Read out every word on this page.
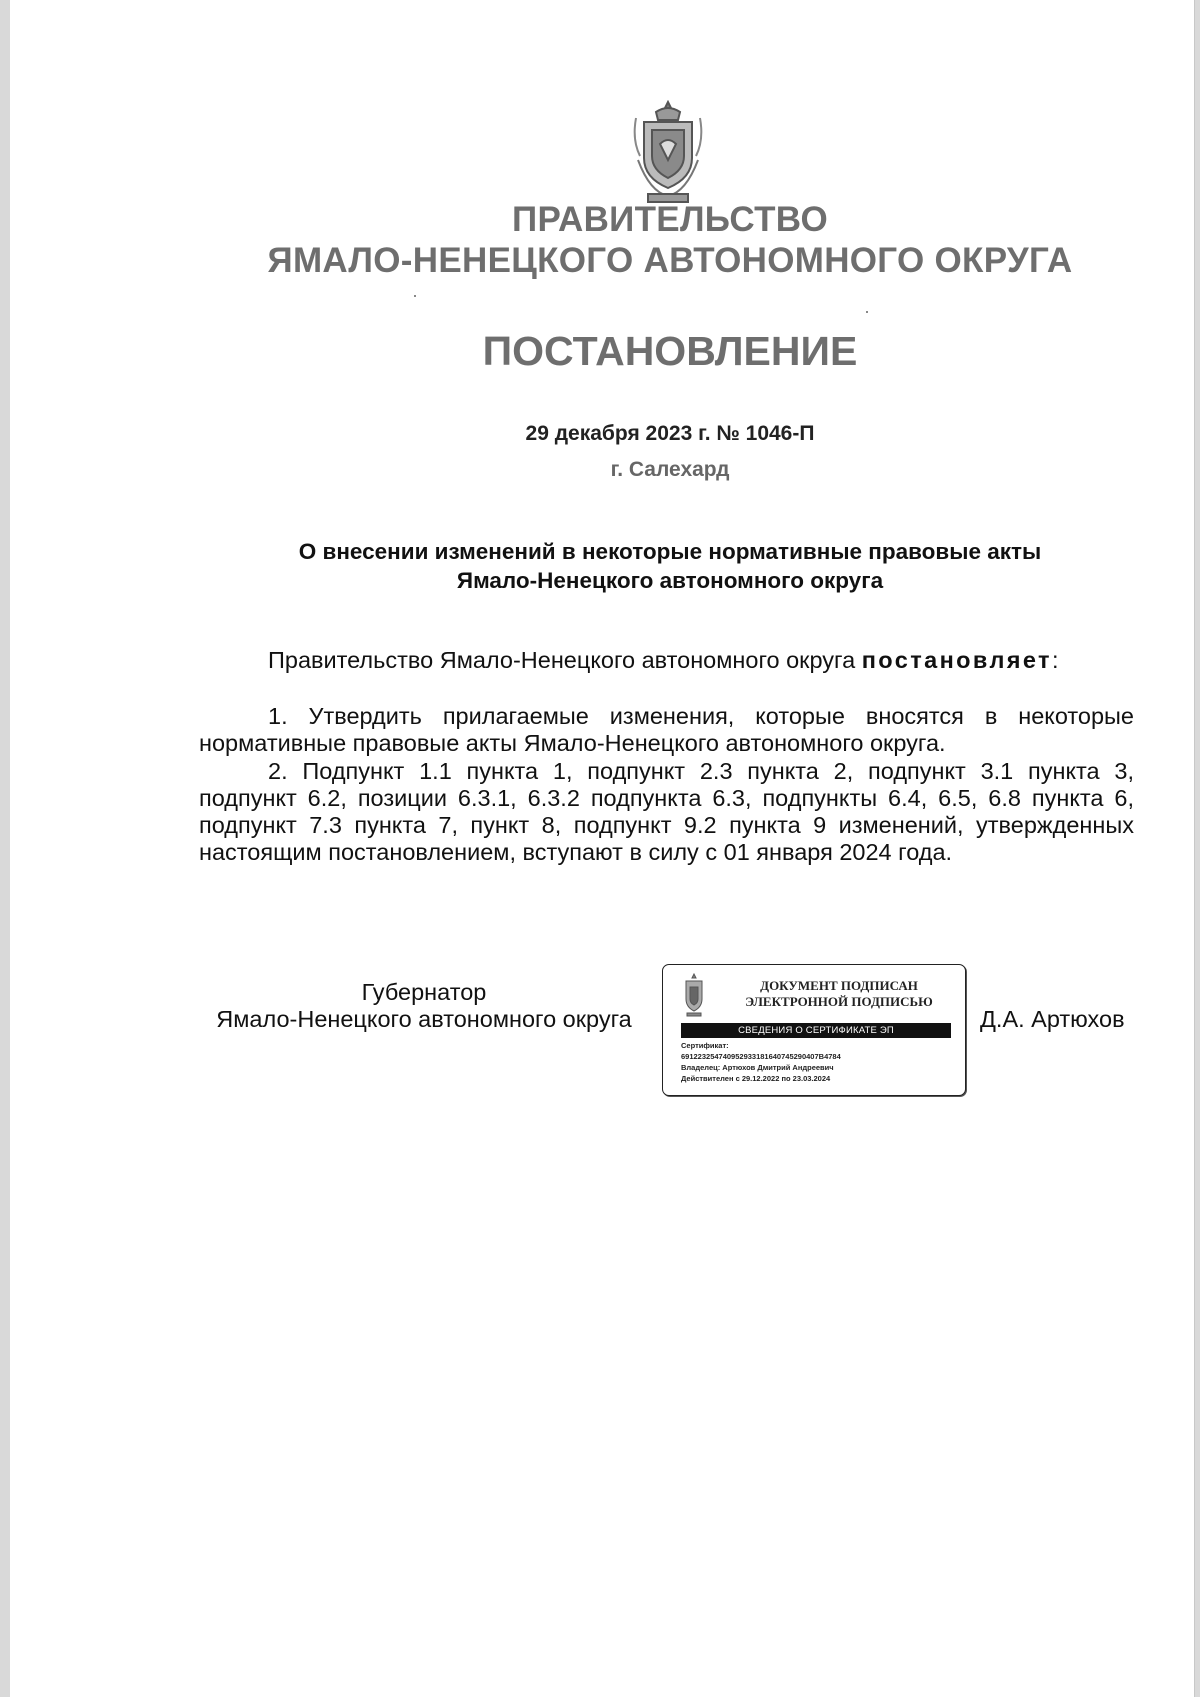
ПРАВИТЕЛЬСТВО
ЯМАЛО-НЕНЕЦКОГО АВТОНОМНОГО ОКРУГА
ПОСТАНОВЛЕНИЕ
29 декабря 2023 г. № 1046-П
г. Салехард
О внесении изменений в некоторые нормативные правовые акты
Ямало-Ненецкого автономного округа
Правительство Ямало-Ненецкого автономного округа постановляет:

1. Утвердить прилагаемые изменения, которые вносятся в некоторые нормативные правовые акты Ямало-Ненецкого автономного округа.

2. Подпункт 1.1 пункта 1, подпункт 2.3 пункта 2, подпункт 3.1 пункта 3, подпункт 6.2, позиции 6.3.1, 6.3.2 подпункта 6.3, подпункты 6.4, 6.5, 6.8 пункта 6, подпункт 7.3 пункта 7, пункт 8, подпункт 9.2 пункта 9 изменений, утвержденных настоящим постановлением, вступают в силу с 01 января 2024 года.

Губернатор
Ямало-Ненецкого автономного округа
ДОКУМЕНТ ПОДПИСАН
ЭЛЕКТРОННОЙ ПОДПИСЬЮ
СВЕДЕНИЯ О СЕРТИФИКАТЕ ЭП
Сертификат:
691223254740952933181640745290407B4784
Владелец: Артюхов Дмитрий Андреевич
Действителен с 29.12.2022 по 23.03.2024
Д.А. Артюхов
